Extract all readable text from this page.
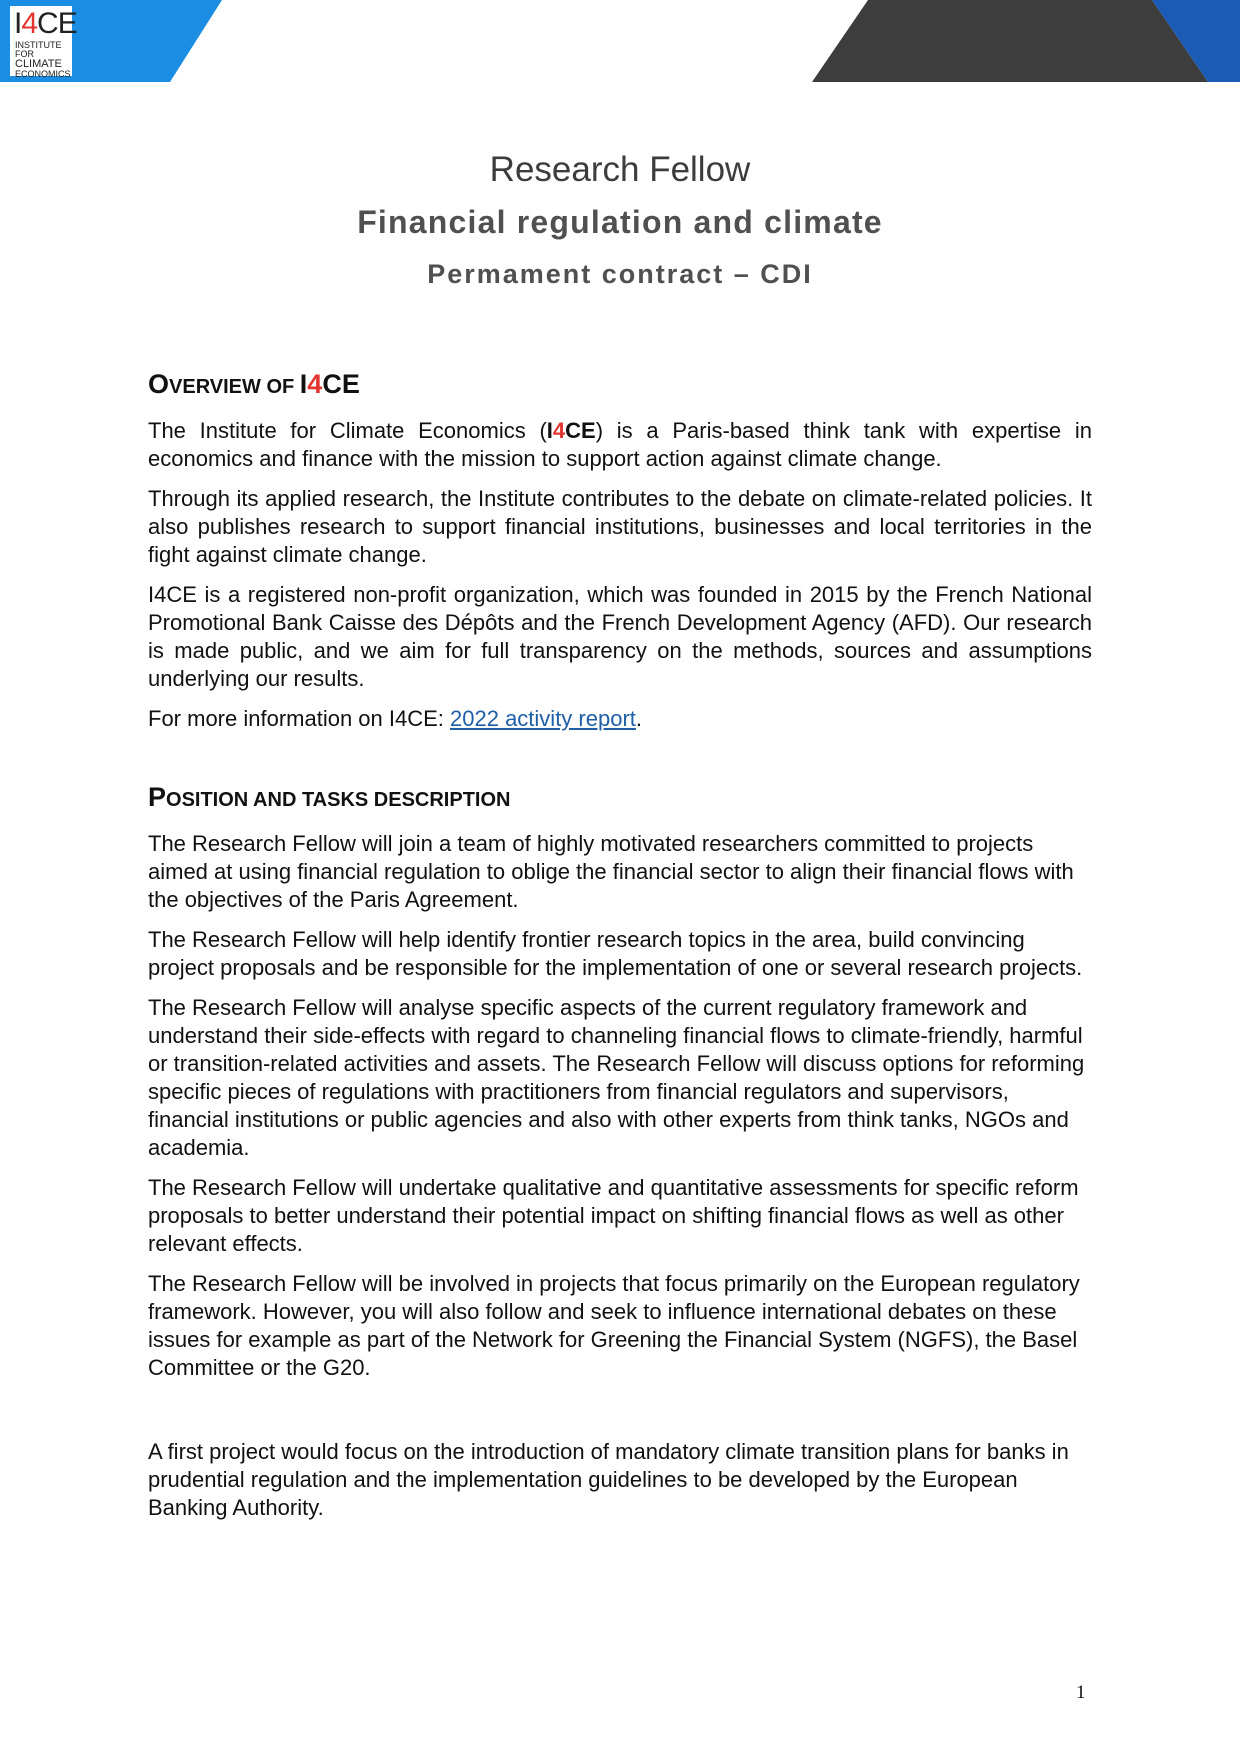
I4CE
INSTITUTE FOR
CLIMATE
ECONOMICS
Research Fellow
Financial regulation and climate
Permament contract – CDI
OVERVIEW OF I4CE

The Institute for Climate Economics (I4CE) is a Paris-based think tank with expertise in economics and finance with the mission to support action against climate change.

Through its applied research, the Institute contributes to the debate on climate-related policies. It also publishes research to support financial institutions, businesses and local territories in the fight against climate change.

I4CE is a registered non-profit organization, which was founded in 2015 by the French National Promotional Bank Caisse des Dépôts and the French Development Agency (AFD). Our research is made public, and we aim for full transparency on the methods, sources and assumptions underlying our results.

For more information on I4CE: 2022 activity report.

POSITION AND TASKS DESCRIPTION

The Research Fellow will join a team of highly motivated researchers committed to projects aimed at using financial regulation to oblige the financial sector to align their financial flows with the objectives of the Paris Agreement.

The Research Fellow will help identify frontier research topics in the area, build convincing project proposals and be responsible for the implementation of one or several research projects.

The Research Fellow will analyse specific aspects of the current regulatory framework and understand their side-effects with regard to channeling financial flows to climate-friendly, harmful or transition-related activities and assets. The Research Fellow will discuss options for reforming specific pieces of regulations with practitioners from financial regulators and supervisors, financial institutions or public agencies and also with other experts from think tanks, NGOs and academia.

The Research Fellow will undertake qualitative and quantitative assessments for specific reform proposals to better understand their potential impact on shifting financial flows as well as other relevant effects.

The Research Fellow will be involved in projects that focus primarily on the European regulatory framework. However, you will also follow and seek to influence international debates on these issues for example as part of the Network for Greening the Financial System (NGFS), the Basel Committee or the G20.

A first project would focus on the introduction of mandatory climate transition plans for banks in prudential regulation and the implementation guidelines to be developed by the European Banking Authority.

1
